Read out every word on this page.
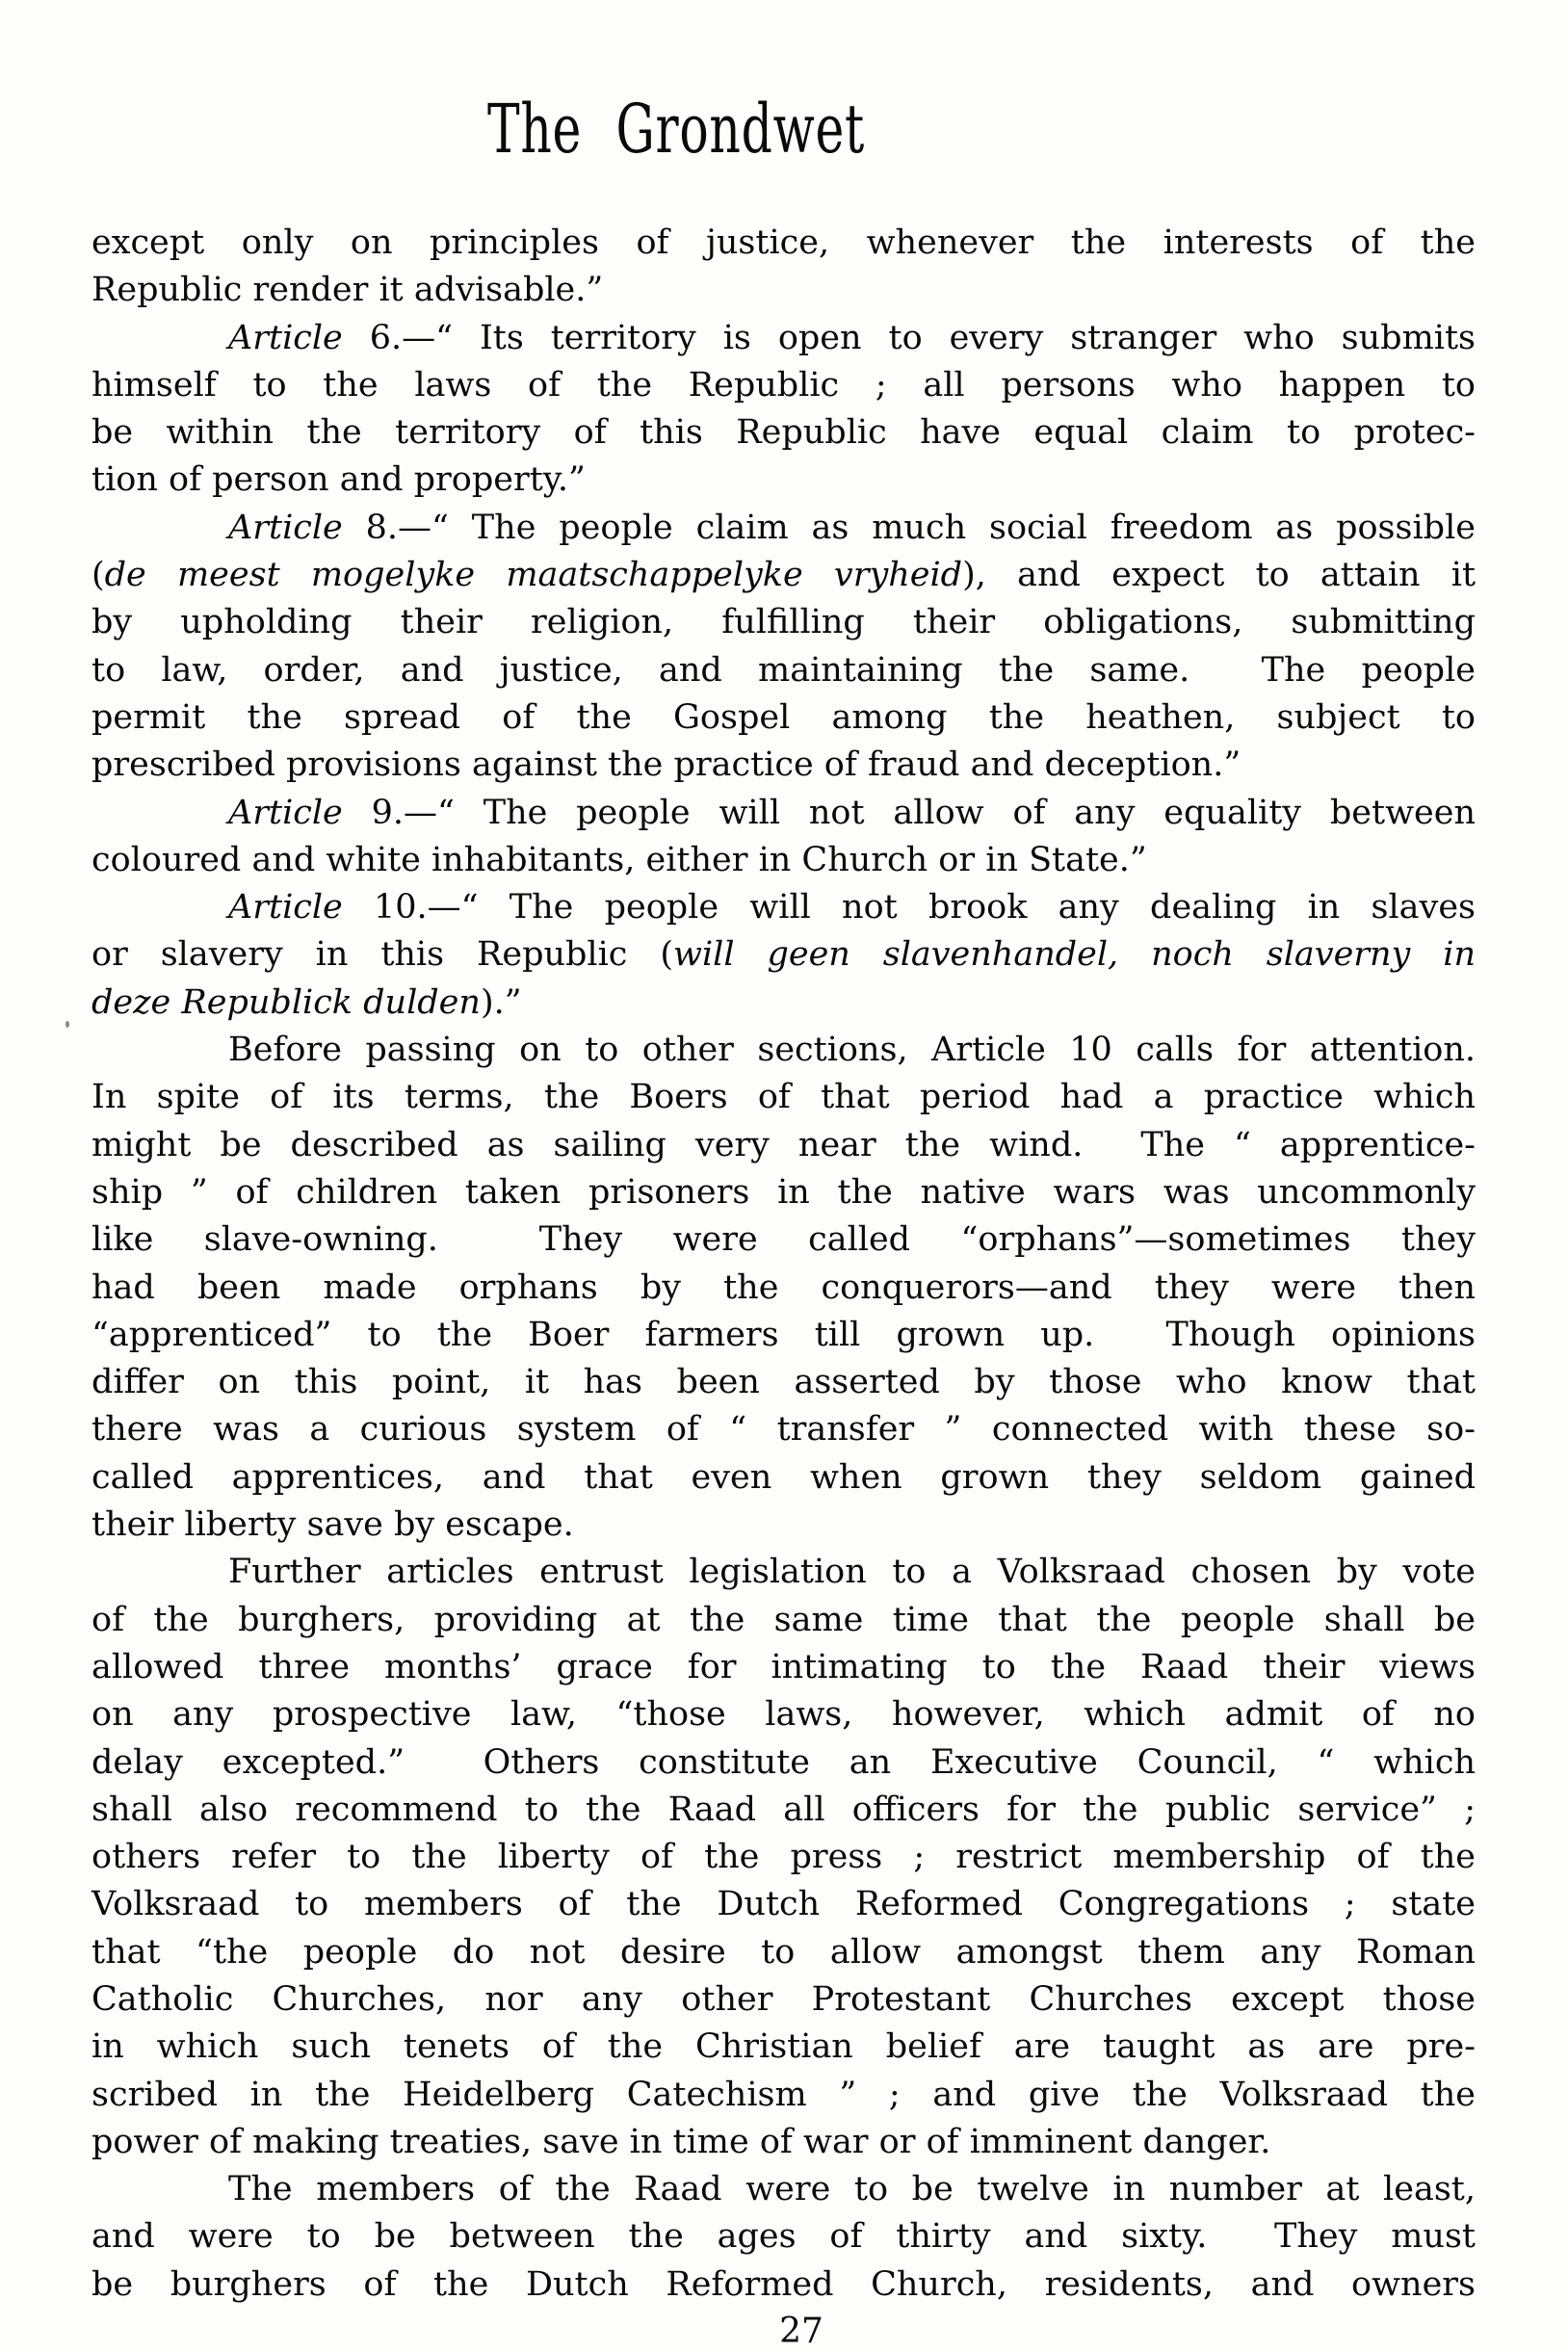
The Grondwet
except only on principles of justice, whenever the interests of the
Republic render it advisable.”
Article 6.—“ Its territory is open to every stranger who submits
himself to the laws of the Republic ; all persons who happen to
be within the territory of this Republic have equal claim to protec-
tion of person and property.”
Article 8.—“ The people claim as much social freedom as possible
(de meest mogelyke maatschappelyke vryheid), and expect to attain it
by upholding their religion, fulfilling their obligations, submitting
to law, order, and justice, and maintaining the same.  The people
permit the spread of the Gospel among the heathen, subject to
prescribed provisions against the practice of fraud and deception.”
Article 9.—“ The people will not allow of any equality between
coloured and white inhabitants, either in Church or in State.”
Article 10.—“ The people will not brook any dealing in slaves
or slavery in this Republic (will geen slavenhandel, noch slaverny in
deze Republick dulden).”
Before passing on to other sections, Article 10 calls for attention.
In spite of its terms, the Boers of that period had a practice which
might be described as sailing very near the wind.  The “ apprentice-
ship ” of children taken prisoners in the native wars was uncommonly
like slave-owning.  They were called “orphans”—sometimes they
had been made orphans by the conquerors—and they were then
“apprenticed” to the Boer farmers till grown up.  Though opinions
differ on this point, it has been asserted by those who know that
there was a curious system of “ transfer ” connected with these so-
called apprentices, and that even when grown they seldom gained
their liberty save by escape.
Further articles entrust legislation to a Volksraad chosen by vote
of the burghers, providing at the same time that the people shall be
allowed three months’ grace for intimating to the Raad their views
on any prospective law, “those laws, however, which admit of no
delay excepted.”  Others constitute an Executive Council, “ which
shall also recommend to the Raad all officers for the public service” ;
others refer to the liberty of the press ; restrict membership of the
Volksraad to members of the Dutch Reformed Congregations ; state
that “the people do not desire to allow amongst them any Roman
Catholic Churches, nor any other Protestant Churches except those
in which such tenets of the Christian belief are taught as are pre-
scribed in the Heidelberg Catechism ” ; and give the Volksraad the
power of making treaties, save in time of war or of imminent danger.
The members of the Raad were to be twelve in number at least,
and were to be between the ages of thirty and sixty.  They must
be burghers of the Dutch Reformed Church, residents, and owners
27
